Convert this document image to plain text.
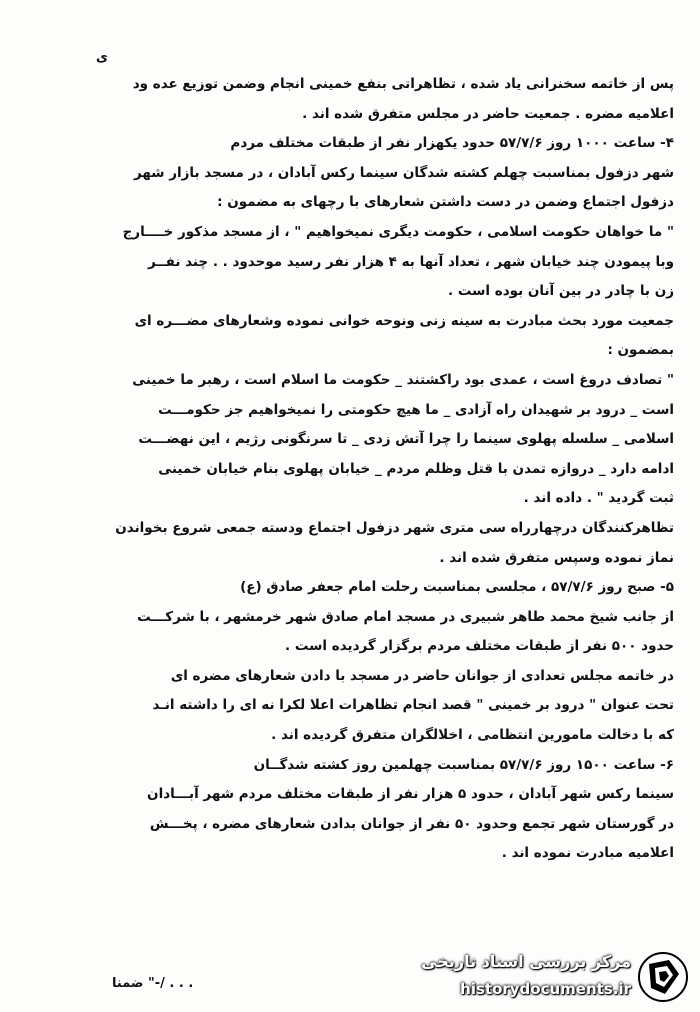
ی
پس از خاتمه سخنرانی یاد شده ، تظاهراتی بنفع خمینی انجام وضمن توزیع عده ود
اعلامیه مضره . جمعیت حاضر در مجلس متفرق شده اند .
۴- ساعت ۱۰۰۰ روز ۵۷/۷/۶ حدود یکهزار نفر از طبقات مختلف مردم
شهر دزفول بمناسبت چهلم کشته شدگان سینما رکس آبادان ، در مسجد بازار شهر
دزفول اجتماع وضمن در دست داشتن شعارهای با رچهای به مضمون :
" ما خواهان حکومت اسلامی ، حکومت دیگری نمیخواهیم " ، از مسجد مذکور خــــارج
وبا پیمودن چند خیابان شهر ، تعداد آنها به ۴ هزار نفر رسید موحدود . . چند نفــر
زن با چادر در بین آنان بوده است .
جمعیت مورد بحث مبادرت به سینه زنی ونوحه خوانی نموده وشعارهای مضـــره ای
بمضمون :
" تصادف دروغ است ، عمدی بود راکشتند _ حکومت ما اسلام است ، رهبر ما خمینی
است _ درود بر شهیدان راه آزادی _ ما هیچ حکومتی را نمیخواهیم جز حکومـــت
اسلامی _ سلسله پهلوی سینما را چرا آتش زدی _ تا سرنگونی رژیم ، این نهضـــت
ادامه دارد _ دروازه تمدن با قتل وظلم مردم _ خیابان پهلوی بنام خیابان خمینی
ثبت گردید " . داده اند .
تظاهرکنندگان درچهارراه سی متری شهر دزفول اجتماع ودسته جمعی شروع بخواندن
نماز نموده وسپس متفرق شده اند .
۵- صبح روز ۵۷/۷/۶ ، مجلسی بمناسبت رحلت امام جعفر صادق (ع)
از جانب شیخ محمد طاهر شبیری در مسجد امام صادق شهر خرمشهر ، با شرکـــت
حدود ۵۰۰ نفر از طبقات مختلف مردم برگزار گردیده است .
در خاتمه مجلس تعدادی از جوانان حاضر در مسجد با دادن شعارهای مضره ای
تحت عنوان " درود بر خمینی " قصد انجام تظاهرات اعلا لکرا نه ای را داشته انـد
که با دخالت مامورین انتظامی ، اخلالگران متفرق گردیده اند .
۶- ساعت ۱۵۰۰ روز ۵۷/۷/۶ بمناسبت چهلمین روز کشته شدگــان
سینما رکس شهر آبادان ، حدود ۵ هزار نفر از طبقات مختلف مردم شهر آبـــادان
در گورستان شهر تجمع وحدود ۵۰ نفر از جوانان بدادن شعارهای مضره ، پخـــش
اعلامیه مبادرت نموده اند .
ضمنا "-/ . . .
مرکز بررسی اسناد تاریخی
historydocuments.ir
